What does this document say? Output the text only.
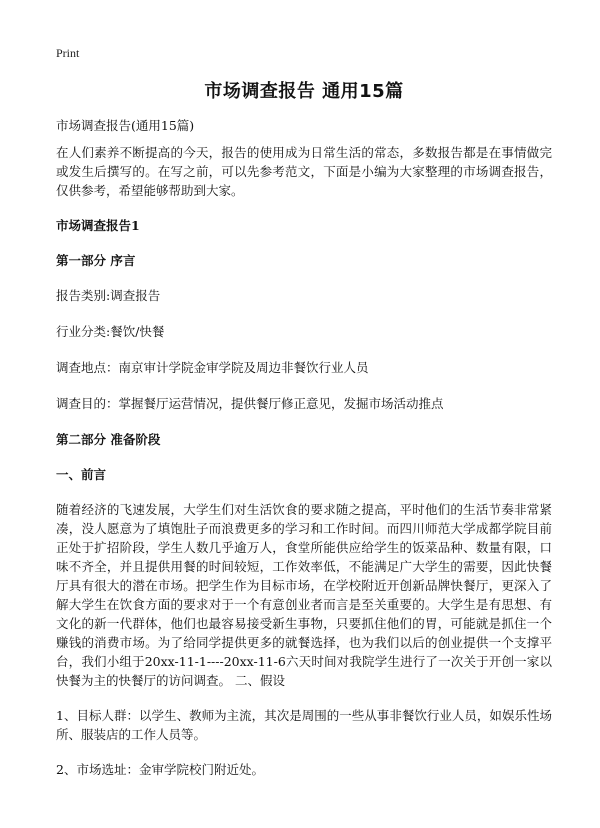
Print
市场调查报告 通用15篇

市场调查报告(通用15篇)

在人们素养不断提高的今天，报告的使用成为日常生活的常态，多数报告都是在事情做完或发生后撰写的。在写之前，可以先参考范文，下面是小编为大家整理的市场调查报告，仅供参考，希望能够帮助到大家。

市场调查报告1

第一部分 序言

报告类别:调查报告

行业分类:餐饮/快餐

调查地点：南京审计学院金审学院及周边非餐饮行业人员

调查目的：掌握餐厅运营情况，提供餐厅修正意见，发掘市场活动推点

第二部分 准备阶段

一、前言

随着经济的飞速发展，大学生们对生活饮食的要求随之提高，平时他们的生活节奏非常紧凑，没人愿意为了填饱肚子而浪费更多的学习和工作时间。而四川师范大学成都学院目前正处于扩招阶段，学生人数几乎逾万人，食堂所能供应给学生的饭菜品种、数量有限，口味不齐全，并且提供用餐的时间较短，工作效率低，不能满足广大学生的需要，因此快餐厅具有很大的潜在市场。把学生作为目标市场，在学校附近开创新品牌快餐厅，更深入了解大学生在饮食方面的要求对于一个有意创业者而言是至关重要的。大学生是有思想、有文化的新一代群体，他们也最容易接受新生事物，只要抓住他们的胃，可能就是抓住一个赚钱的消费市场。为了给同学提供更多的就餐选择，也为我们以后的创业提供一个支撑平台，我们小组于20xx-11-1----20xx-11-6六天时间对我院学生进行了一次关于开创一家以快餐为主的快餐厅的访问调查。 二、假设

1、目标人群：以学生、教师为主流，其次是周围的一些从事非餐饮行业人员，如娱乐性场所、服装店的工作人员等。

2、市场选址：金审学院校门附近处。
